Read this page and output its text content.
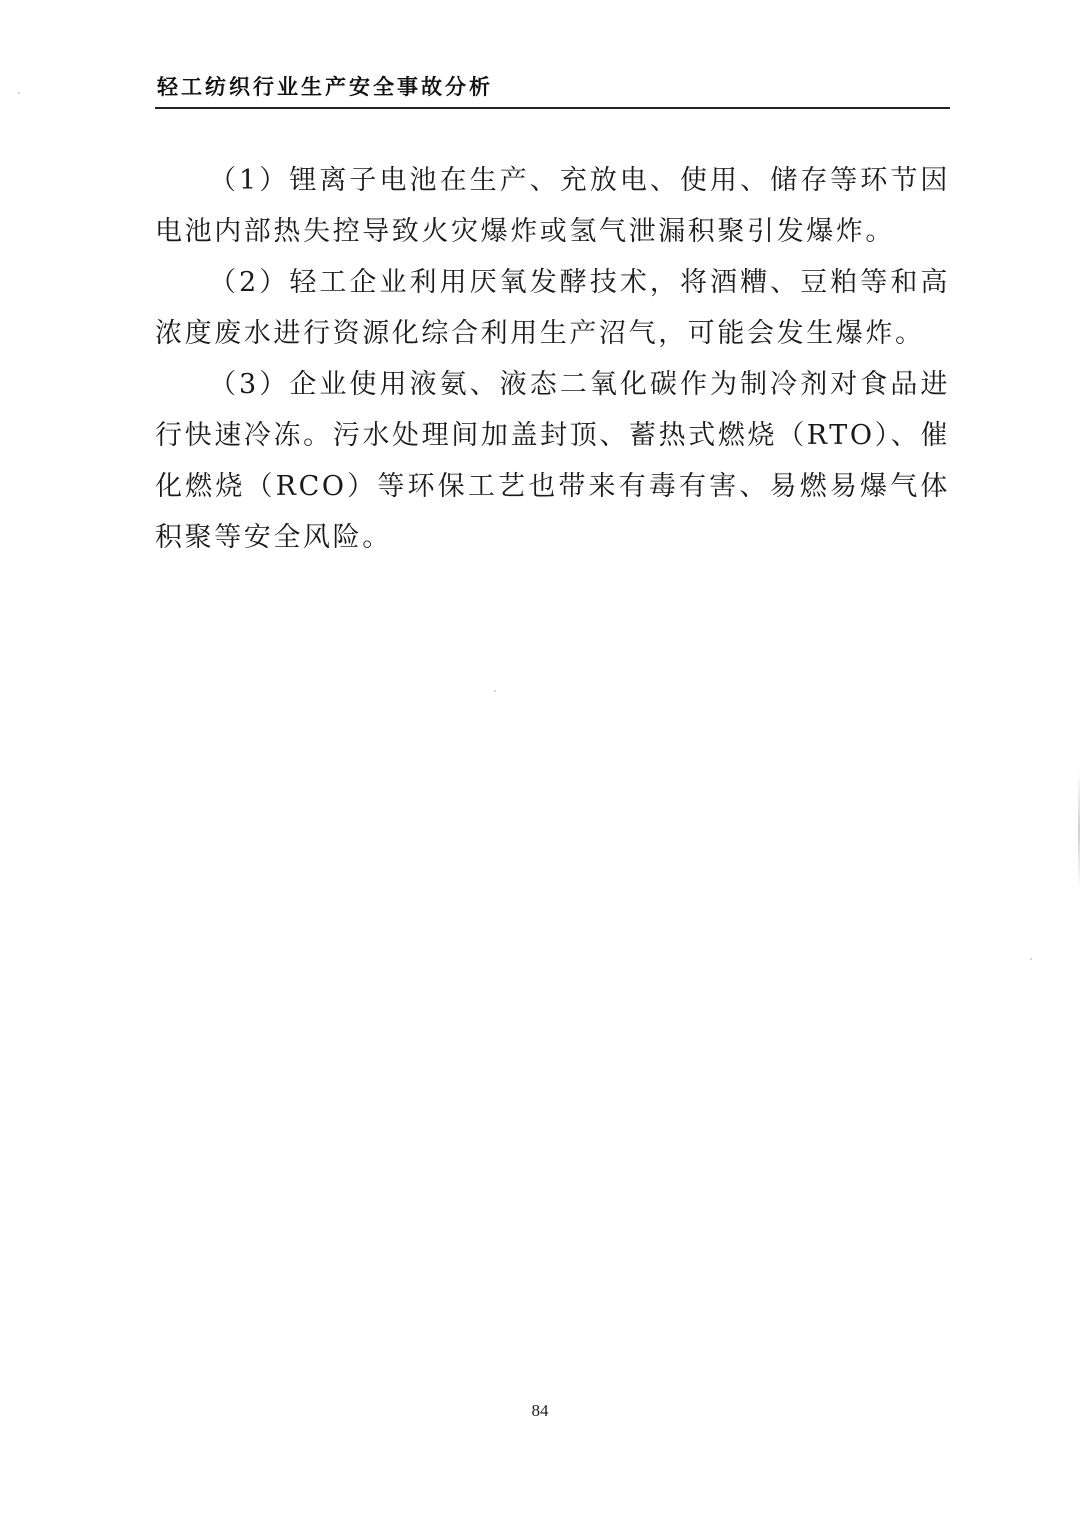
轻工纺织行业生产安全事故分析

（1）锂离子电池在生产、充放电、使用、储存等环节因电池内部热失控导致火灾爆炸或氢气泄漏积聚引发爆炸。

（2）轻工企业利用厌氧发酵技术，将酒糟、豆粕等和高浓度废水进行资源化综合利用生产沼气，可能会发生爆炸。

（3）企业使用液氨、液态二氧化碳作为制冷剂对食品进行快速冷冻。污水处理间加盖封顶、蓄热式燃烧（RTO）、催化燃烧（RCO）等环保工艺也带来有毒有害、易燃易爆气体积聚等安全风险。

84
